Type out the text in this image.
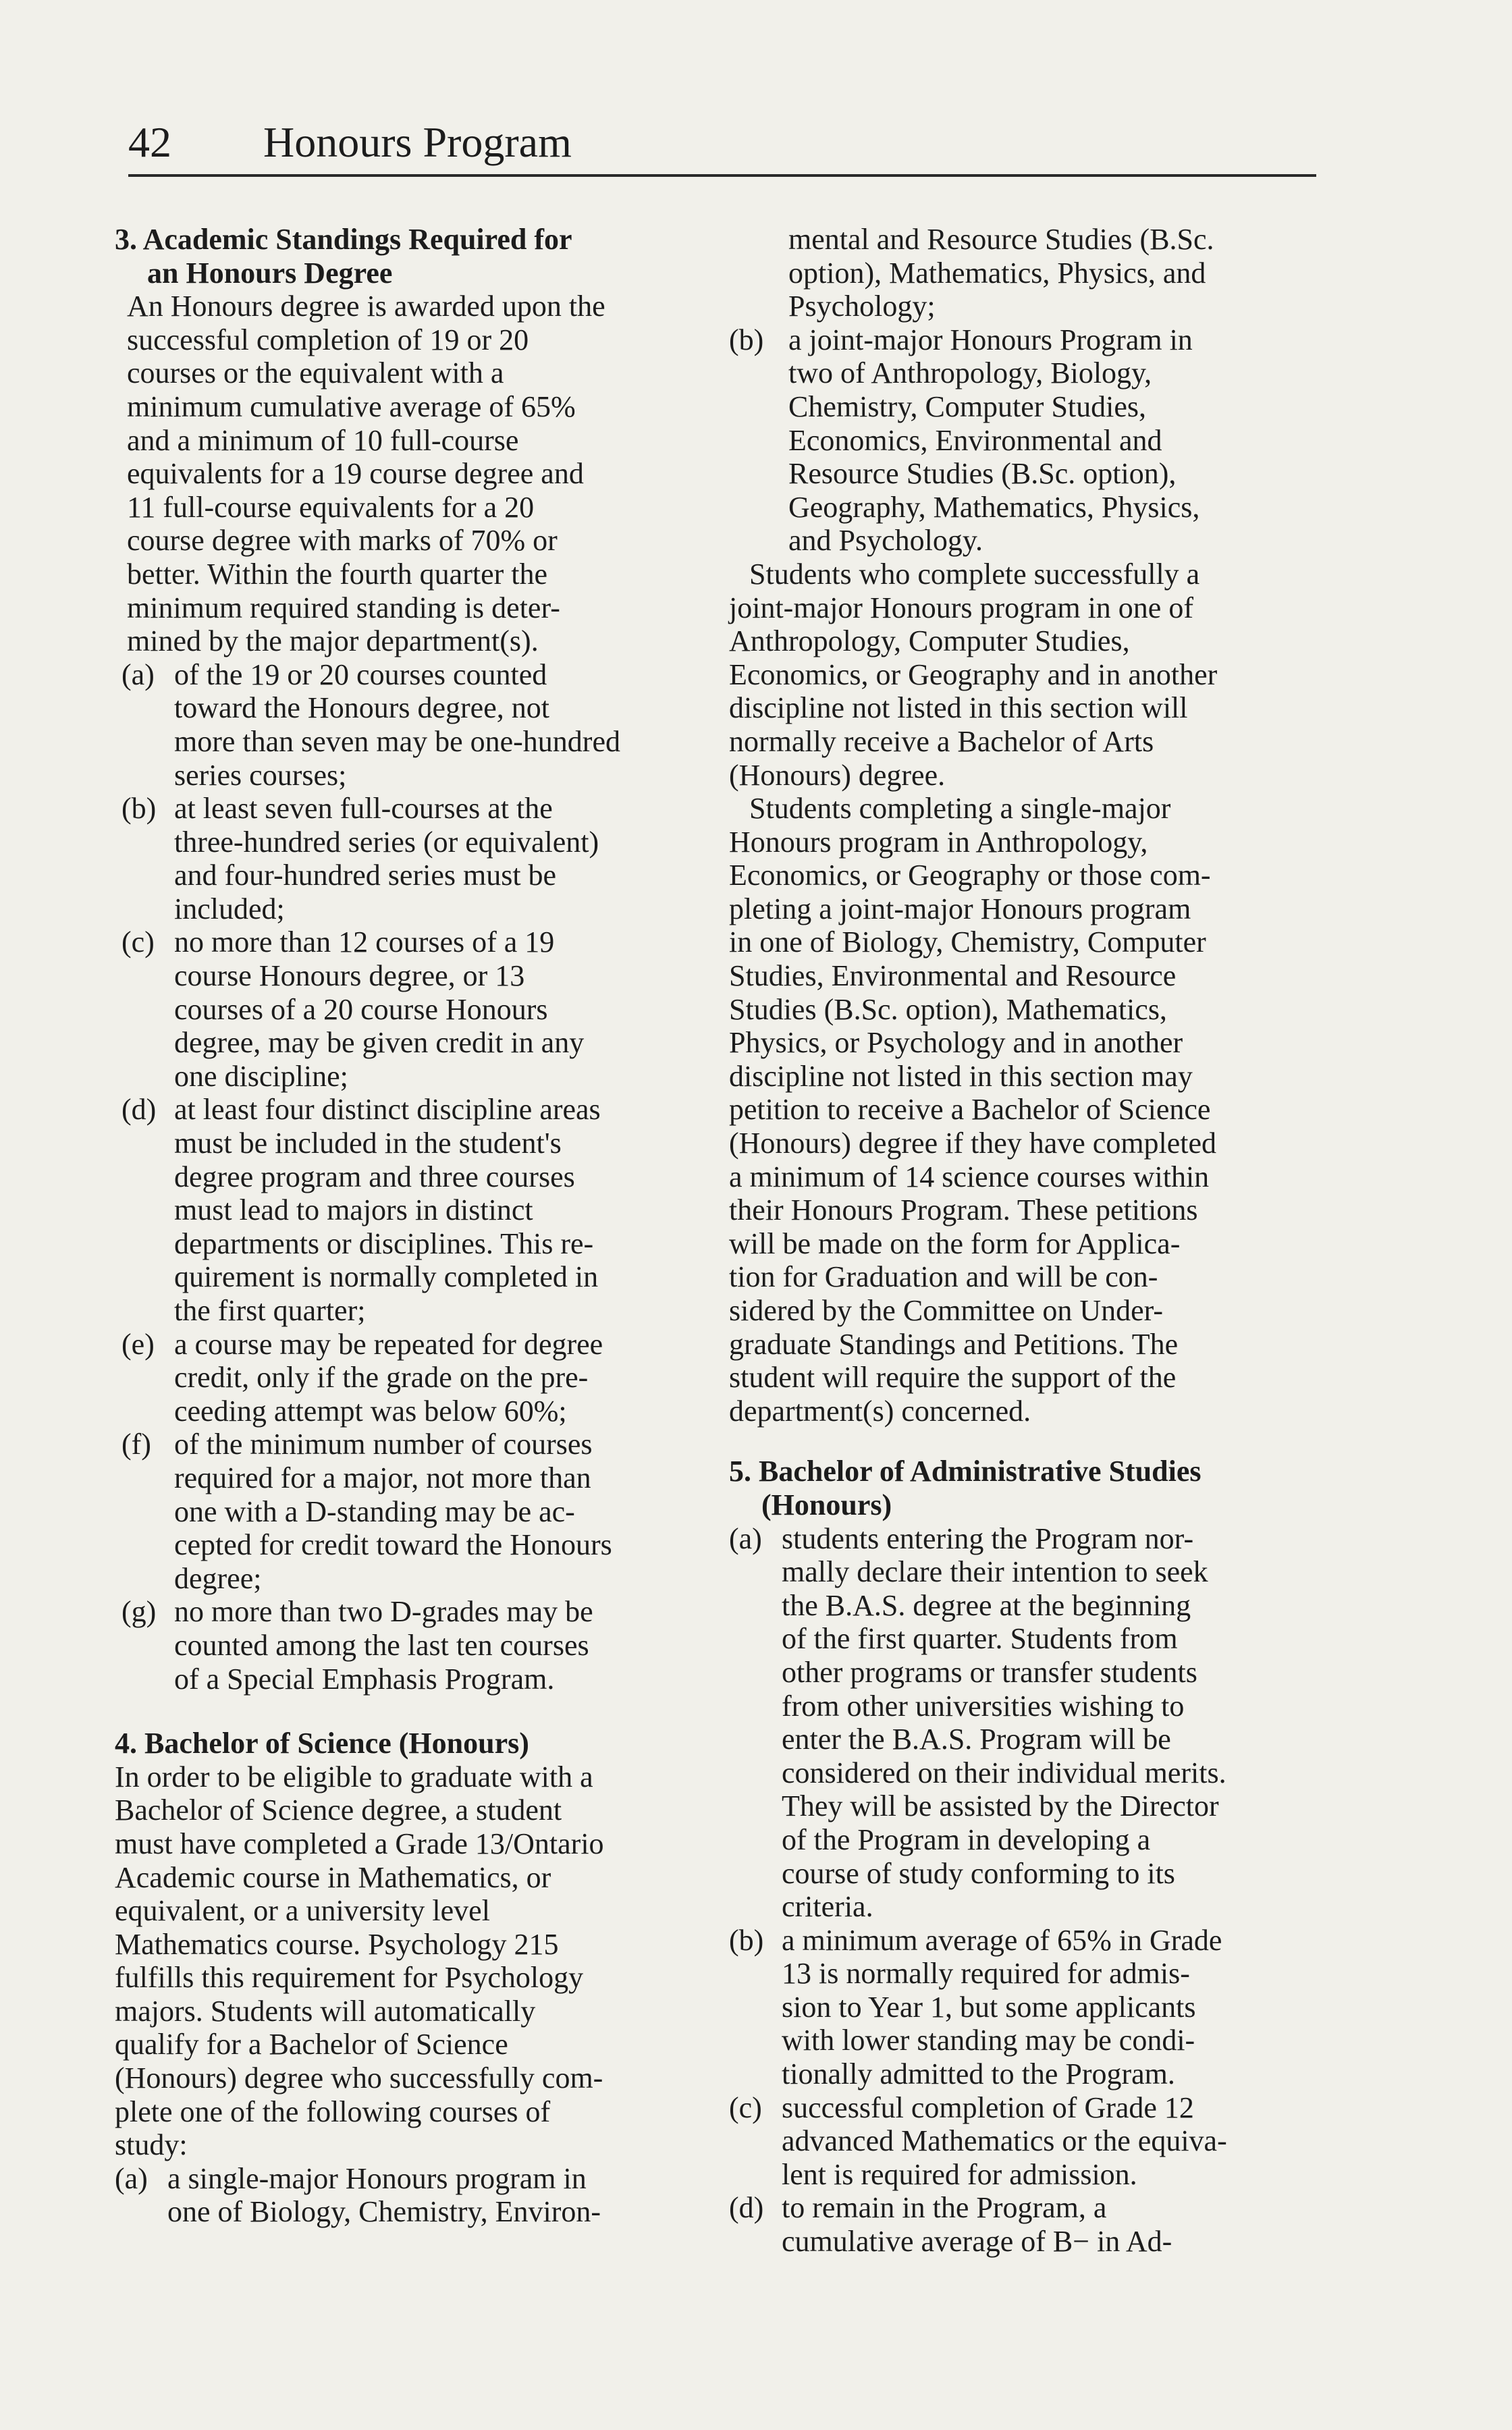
42 Honours Program
3. Academic Standings Required for
an Honours Degree
An Honours degree is awarded upon the
successful completion of 19 or 20
courses or the equivalent with a
minimum cumulative average of 65%
and a minimum of 10 full-course
equivalents for a 19 course degree and
11 full-course equivalents for a 20
course degree with marks of 70% or
better. Within the fourth quarter the
minimum required standing is deter-
mined by the major department(s).
(a) of the 19 or 20 courses counted
toward the Honours degree, not
more than seven may be one-hundred
series courses;
(b) at least seven full-courses at the
three-hundred series (or equivalent)
and four-hundred series must be
included;
(c) no more than 12 courses of a 19
course Honours degree, or 13
courses of a 20 course Honours
degree, may be given credit in any
one discipline;
(d) at least four distinct discipline areas
must be included in the student's
degree program and three courses
must lead to majors in distinct
departments or disciplines. This re-
quirement is normally completed in
the first quarter;
(e) a course may be repeated for degree
credit, only if the grade on the pre-
ceeding attempt was below 60%;
(f) of the minimum number of courses
required for a major, not more than
one with a D-standing may be ac-
cepted for credit toward the Honours
degree;
(g) no more than two D-grades may be
counted among the last ten courses
of a Special Emphasis Program.
4. Bachelor of Science (Honours)
In order to be eligible to graduate with a
Bachelor of Science degree, a student
must have completed a Grade 13/Ontario
Academic course in Mathematics, or
equivalent, or a university level
Mathematics course. Psychology 215
fulfills this requirement for Psychology
majors. Students will automatically
qualify for a Bachelor of Science
(Honours) degree who successfully com-
plete one of the following courses of
study:
(a) a single-major Honours program in
one of Biology, Chemistry, Environ-
mental and Resource Studies (B.Sc.
option), Mathematics, Physics, and
Psychology;
(b) a joint-major Honours Program in
two of Anthropology, Biology,
Chemistry, Computer Studies,
Economics, Environmental and
Resource Studies (B.Sc. option),
Geography, Mathematics, Physics,
and Psychology.
Students who complete successfully a
joint-major Honours program in one of
Anthropology, Computer Studies,
Economics, or Geography and in another
discipline not listed in this section will
normally receive a Bachelor of Arts
(Honours) degree.
Students completing a single-major
Honours program in Anthropology,
Economics, or Geography or those com-
pleting a joint-major Honours program
in one of Biology, Chemistry, Computer
Studies, Environmental and Resource
Studies (B.Sc. option), Mathematics,
Physics, or Psychology and in another
discipline not listed in this section may
petition to receive a Bachelor of Science
(Honours) degree if they have completed
a minimum of 14 science courses within
their Honours Program. These petitions
will be made on the form for Applica-
tion for Graduation and will be con-
sidered by the Committee on Under-
graduate Standings and Petitions. The
student will require the support of the
department(s) concerned.
5. Bachelor of Administrative Studies
(Honours)
(a) students entering the Program nor-
mally declare their intention to seek
the B.A.S. degree at the beginning
of the first quarter. Students from
other programs or transfer students
from other universities wishing to
enter the B.A.S. Program will be
considered on their individual merits.
They will be assisted by the Director
of the Program in developing a
course of study conforming to its
criteria.
(b) a minimum average of 65% in Grade
13 is normally required for admis-
sion to Year 1, but some applicants
with lower standing may be condi-
tionally admitted to the Program.
(c) successful completion of Grade 12
advanced Mathematics or the equiva-
lent is required for admission.
(d) to remain in the Program, a
cumulative average of B− in Ad-
